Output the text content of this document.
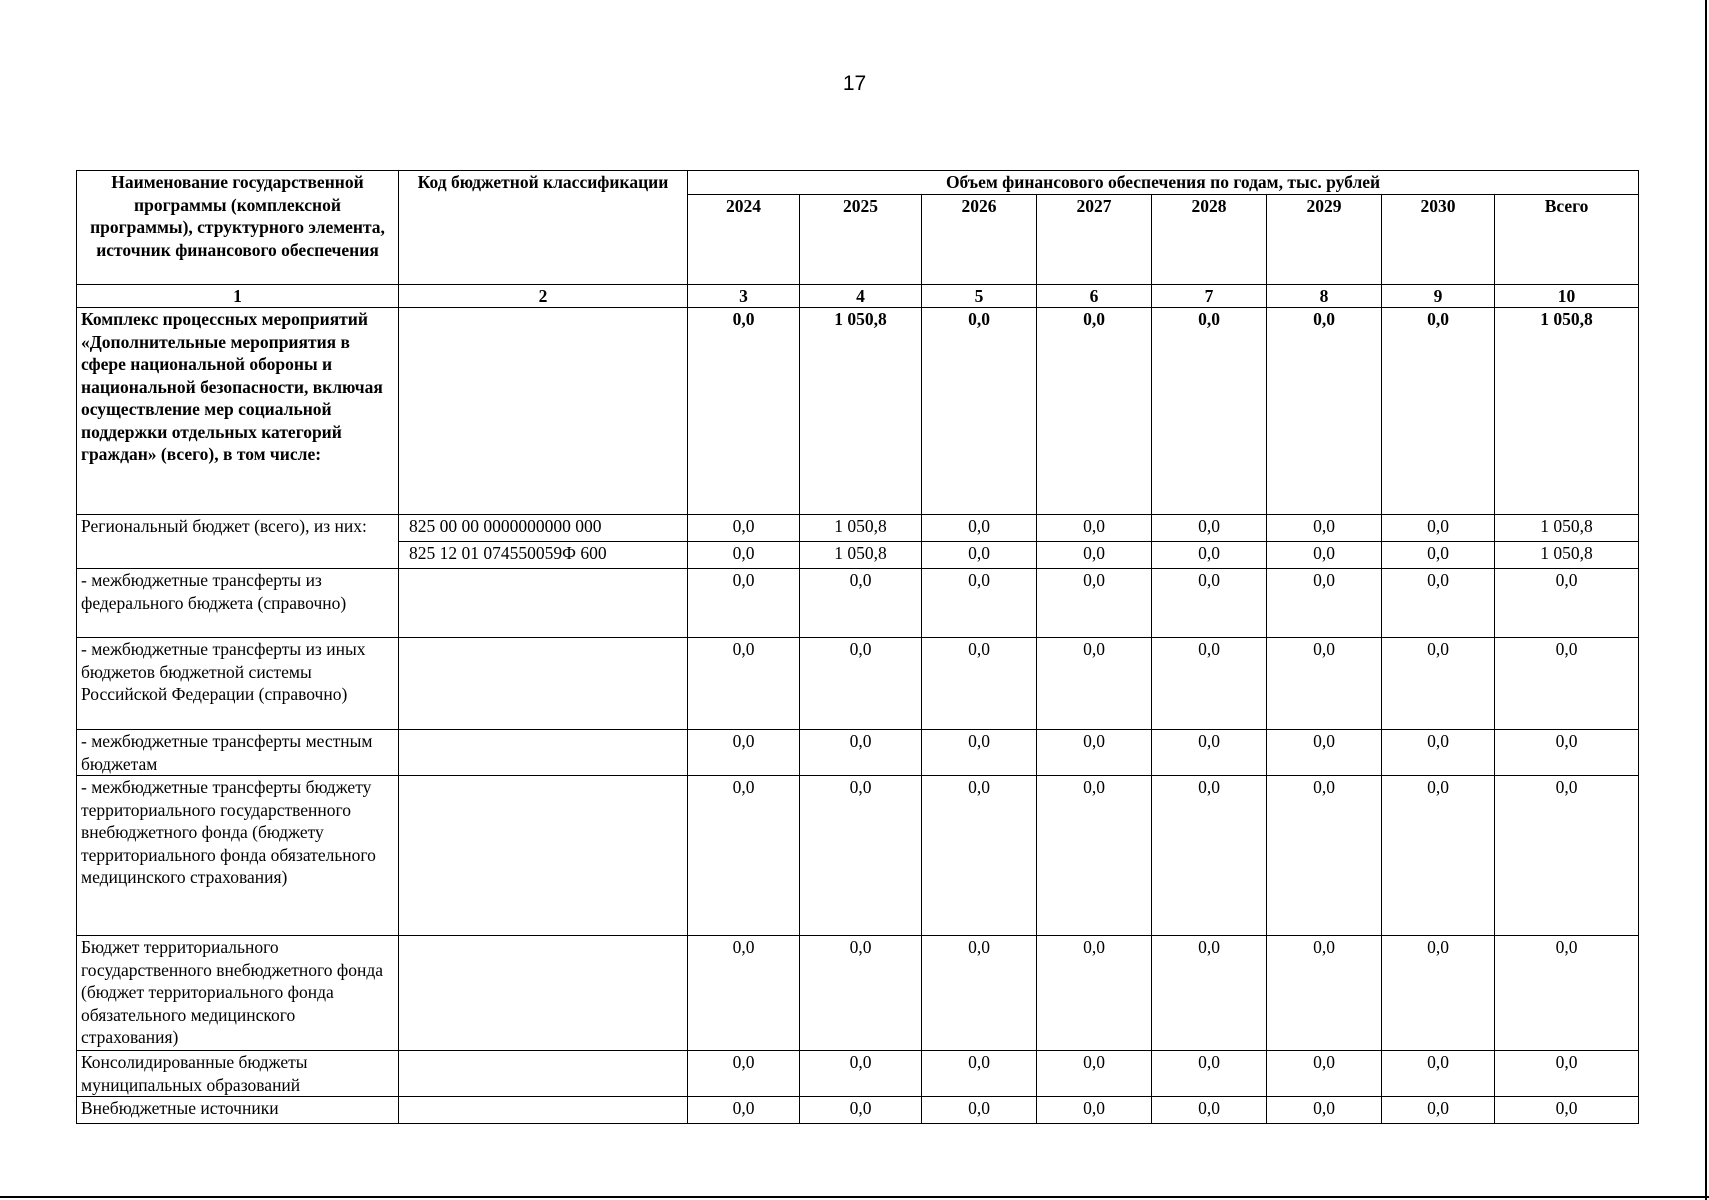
17
Наименование государственной программы (комплексной программы), структурного элемента, источник финансового обеспечения	Код бюджетной классификации	Объем финансового обеспечения по годам, тыс. рублей							
		2024	2025	2026	2027	2028	2029	2030	Всего
1	2	3	4	5	6	7	8	9	10
Комплекс процессных мероприятий «Дополнительные мероприятия в сфере национальной обороны и национальной безопасности, включая осуществление мер социальной поддержки отдельных категорий граждан» (всего), в том числе:		0,0	1 050,8	0,0	0,0	0,0	0,0	0,0	1 050,8
Региональный бюджет (всего), из них:	825 00 00 0000000000 000	0,0	1 050,8	0,0	0,0	0,0	0,0	0,0	1 050,8
	825 12 01 074550059Ф 600	0,0	1 050,8	0,0	0,0	0,0	0,0	0,0	1 050,8
- межбюджетные трансферты из федерального бюджета (справочно)		0,0	0,0	0,0	0,0	0,0	0,0	0,0	0,0
- межбюджетные трансферты из иных бюджетов бюджетной системы Российской Федерации (справочно)		0,0	0,0	0,0	0,0	0,0	0,0	0,0	0,0
- межбюджетные трансферты местным бюджетам		0,0	0,0	0,0	0,0	0,0	0,0	0,0	0,0
- межбюджетные трансферты бюджету территориального государственного внебюджетного фонда (бюджету территориального фонда обязательного медицинского страхования)		0,0	0,0	0,0	0,0	0,0	0,0	0,0	0,0
Бюджет территориального государственного внебюджетного фонда (бюджет территориального фонда обязательного медицинского страхования)		0,0	0,0	0,0	0,0	0,0	0,0	0,0	0,0
Консолидированные бюджеты муниципальных образований		0,0	0,0	0,0	0,0	0,0	0,0	0,0	0,0
Внебюджетные источники		0,0	0,0	0,0	0,0	0,0	0,0	0,0	0,0
